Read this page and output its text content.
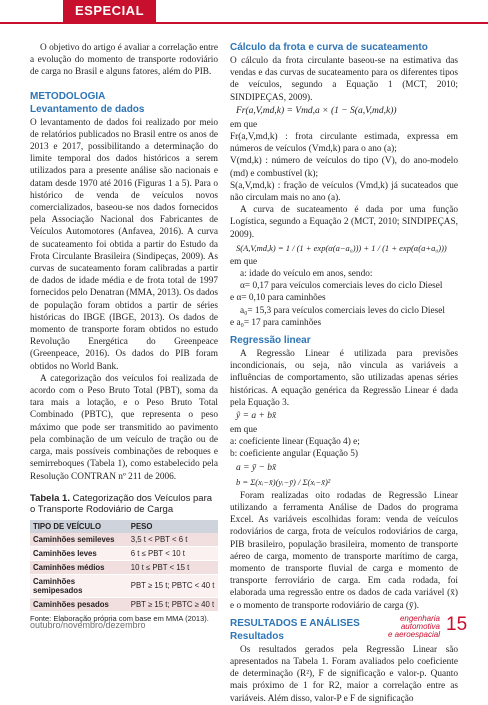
ESPECIAL

O objetivo do artigo é avaliar a correlação entre a evolução do momento de transporte rodoviário de carga no Brasil e alguns fatores, além do PIB.

METODOLOGIA
Levantamento de dados

O levantamento de dados foi realizado por meio de relatórios publicados no Brasil entre os anos de 2013 e 2017, possibilitando a determinação do limite temporal dos dados históricos a serem utilizados para a presente análise são nacionais e datam desde 1970 até 2016 (Figuras 1 a 5). Para o histórico de venda de veículos novos comercializados, baseou-se nos dados fornecidos pela Associação Nacional dos Fabricantes de Veículos Automotores (Anfavea, 2016). A curva de sucateamento foi obtida a partir do Estudo da Frota Circulante Brasileira (Sindipeças, 2009). As curvas de sucateamento foram calibradas a partir de dados de idade média e de frota total de 1997 fornecidos pelo Denatran (MMA, 2013). Os dados de população foram obtidos a partir de séries históricas do IBGE (IBGE, 2013). Os dados de momento de transporte foram obtidos no estudo Revolução Energética do Greenpeace (Greenpeace, 2016). Os dados do PIB foram obtidos no World Bank.

A categorização dos veículos foi realizada de acordo com o Peso Bruto Total (PBT), soma da tara mais a lotação, e o Peso Bruto Total Combinado (PBTC), que representa o peso máximo que pode ser transmitido ao pavimento pela combinação de um veículo de tração ou de carga, mais possíveis combinações de reboques e semirreboques (Tabela 1), como estabelecido pela Resolução CONTRAN nº 211 de 2006.

Tabela 1. Categorização dos Veículos para o Transporte Rodoviário de Carga
TIPO DE VEÍCULO	PESO
Caminhões semileves	3,5 t < PBT < 6 t
Caminhões leves	6 t ≤ PBT < 10 t
Caminhões médios	10 t ≤ PBT < 15 t
Caminhões semipesados	PBT ≥ 15 t; PBTC < 40 t
Caminhões pesados	PBT ≥ 15 t; PBTC ≥ 40 t
Fonte: Elaboração própria com base em MMA (2013).
Cálculo da frota e curva de sucateamento

O cálculo da frota circulante baseou-se na estimativa das vendas e das curvas de sucateamento para os diferentes tipos de veículos, segundo a Equação 1 (MCT, 2010; SINDIPEÇAS, 2009).

Fr(a,V,md,k) = Vmd,a × (1 − S(a,V,md,k))

em que

Fr(a,V,md,k) : frota circulante estimada, expressa em números de veículos (Vmd,k) para o ano (a);

V(md,k) : número de veículos do tipo (V), do ano-modelo (md) e combustível (k);

S(a,V,md,k) : fração de veículos (Vmd,k) já sucateados que não circulam mais no ano (a).

A curva de sucateamento é dada por uma função Logística, segundo a Equação 2 (MCT, 2010; SINDIPEÇAS, 2009).

S(A,V,md,k) = 1 / (1 + exp(α(a−a₀))) + 1 / (1 + exp(α(a+a₀)))

em que

a: idade do veículo em anos, sendo:

α= 0,17 para veículos comerciais leves do ciclo Diesel

e α= 0,10 para caminhões

a₀= 15,3 para veículos comerciais leves do ciclo Diesel

e a₀= 17 para caminhões

Regressão linear

A Regressão Linear é utilizada para previsões incondicionais, ou seja, não vincula as variáveis a influências de comportamento, são utilizadas apenas séries históricas. A equação genérica da Regressão Linear é dada pela Equação 3.

ŷ = a + bx̄

em que

a: coeficiente linear (Equação 4) e;

b: coeficiente angular (Equação 5)

a = ȳ − bx̄
b = Σ(xᵢ−x̄)(yᵢ−ȳ) / Σ(xᵢ−x̄)²

Foram realizadas oito rodadas de Regressão Linear utilizando a ferramenta Análise de Dados do programa Excel. As variáveis escolhidas foram: venda de veículos rodoviários de carga, frota de veículos rodoviários de carga, PIB brasileiro, população brasileira, momento de transporte aéreo de carga, momento de transporte marítimo de carga, momento de transporte fluvial de carga e momento de transporte ferroviário de carga. Em cada rodada, foi elaborada uma regressão entre os dados de cada variável (x̄) e o momento de transporte rodoviário de carga (ȳ).

RESULTADOS E ANÁLISES
Resultados

Os resultados gerados pela Regressão Linear são apresentados na Tabela 1. Foram avaliados pelo coeficiente de determinação (R²), F de significação e valor-p. Quanto mais próximo de 1 for R2, maior a correlação entre as variáveis. Além disso, valor-P e F de significação

outubro/novembro/dezembro
engenharia
automotiva
e aeroespacial 15
